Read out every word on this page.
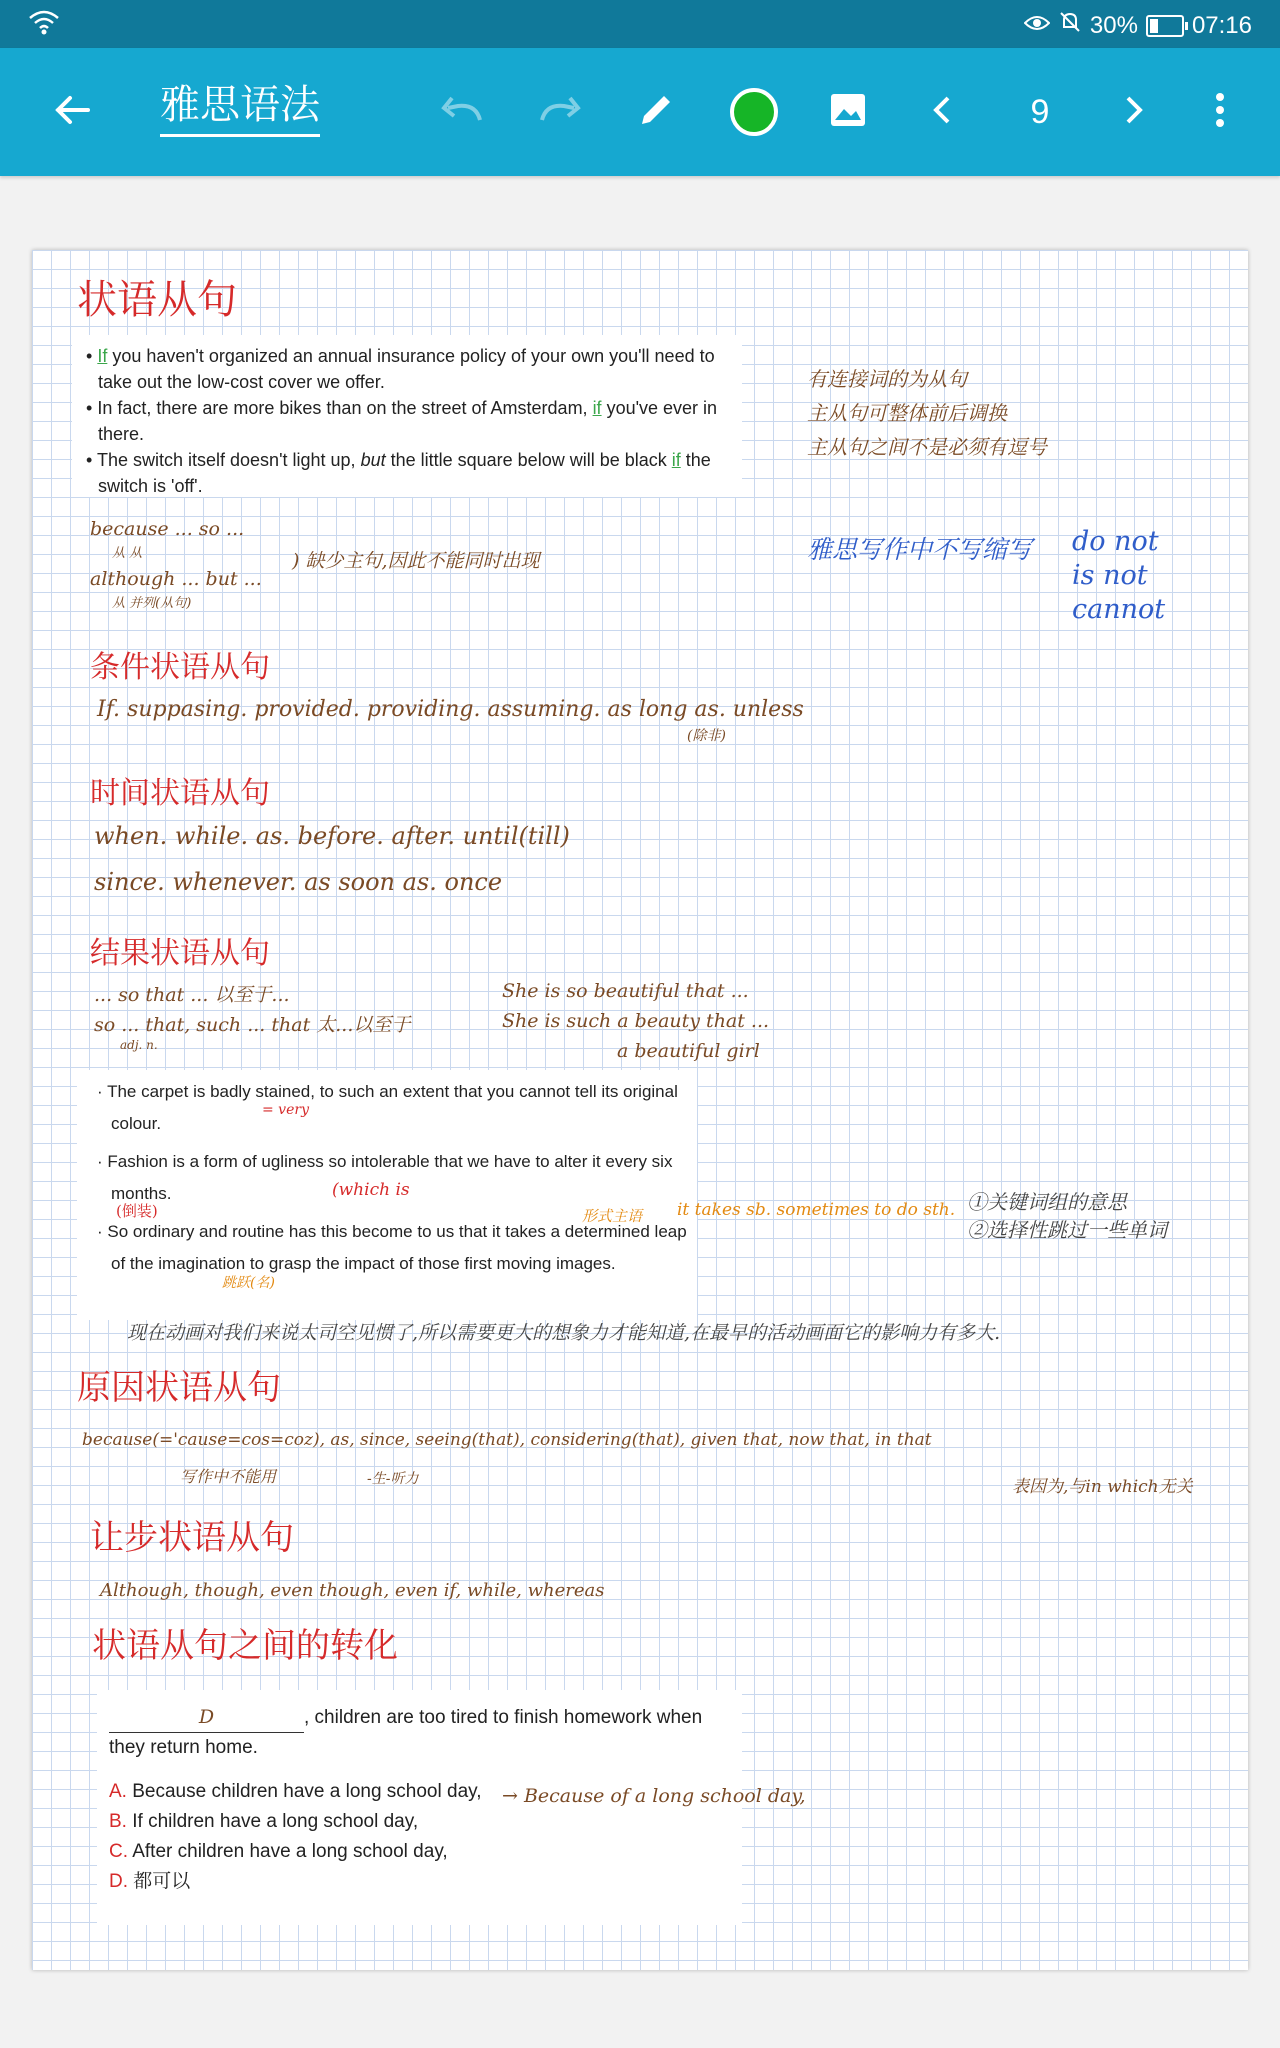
30% 07:16
雅思语法	9
状语从句
• If you haven't organized an annual insurance policy of your own you'll need to take out the low-cost cover we offer.
• In fact, there are more bikes than on the street of Amsterdam, if you've ever in there.
• The switch itself doesn't light up, but the little square below will be black if the switch is 'off'.
有连接词的为从句
主从句可整体前后调换
主从句之间不是必须有逗号
because ... so ...
从 从
although ... but ...
从 并列(从句)
) 缺少主句,因此不能同时出现	雅思写作中不写缩写 do not
is not
cannot
条件状语从句
If. suppasing. provided. providing. assuming. as long as. unless
(除非)
时间状语从句
when. while. as. before. after. until(till)
since. whenever. as soon as. once
结果状语从句
... so that ... 以至于...
so ... that, such ... that 太...以至于
adj. n.
She is so beautiful that ...
She is such a beauty that ...
a beautiful girl

· The carpet is badly stained, to such an extent that you cannot tell its original colour.

· Fashion is a form of ugliness so intolerable that we have to alter it every six months.

· So ordinary and routine has this become to us that it takes a determined leap of the imagination to grasp the impact of those first moving images.

= very
(which is
(倒装)	形式主语
跳跃(名)
it takes sb. sometimes to do sth. ①关键词组的意思
②选择性跳过一些单词
现在动画对我们来说太司空见惯了,所以需要更大的想象力才能知道,在最早的活动画面它的影响力有多大.
原因状语从句
because(='cause=cos=coz), as, since, seeing(that), considering(that), given that, now that, in that
写作中不能用	-生-听力	表因为,与in which无关
让步状语从句
Although, though, even though, even if, while, whereas
状语从句之间的转化

D	, children are too tired to finish homework when they return home.

A. Because children have a long school day,
B. If children have a long school day,
C. After children have a long school day,
D. 都可以
→ Because of a long school day,
